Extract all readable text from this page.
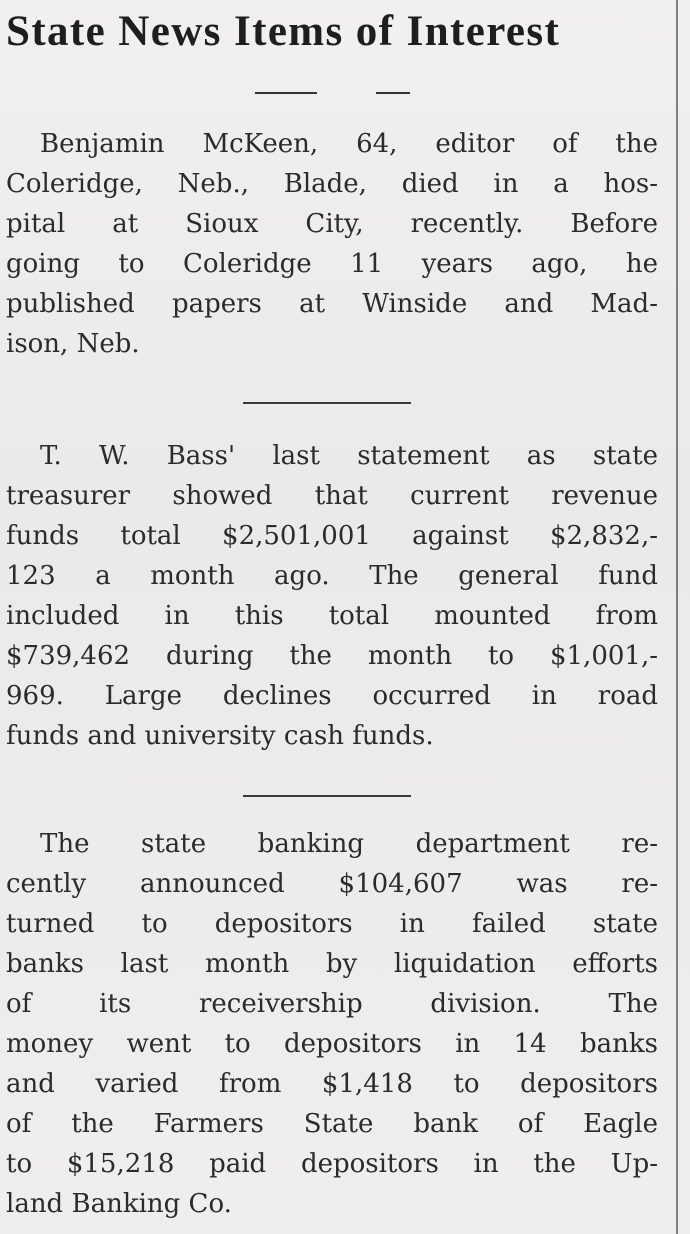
State News Items of Interest
Benjamin McKeen, 64, editor of the
Coleridge, Neb., Blade, died in a hos-
pital at Sioux City, recently. Before
going to Coleridge 11 years ago, he
published papers at Winside and Mad-
ison, Neb.
T. W. Bass' last statement as state
treasurer showed that current revenue
funds total $2,501,001 against $2,832,-
123 a month ago. The general fund
included in this total mounted from
$739,462 during the month to $1,001,-
969. Large declines occurred in road
funds and university cash funds.
The state banking department re-
cently announced $104,607 was re-
turned to depositors in failed state
banks last month by liquidation efforts
of its receivership division. The
money went to depositors in 14 banks
and varied from $1,418 to depositors
of the Farmers State bank of Eagle
to $15,218 paid depositors in the Up-
land Banking Co.
